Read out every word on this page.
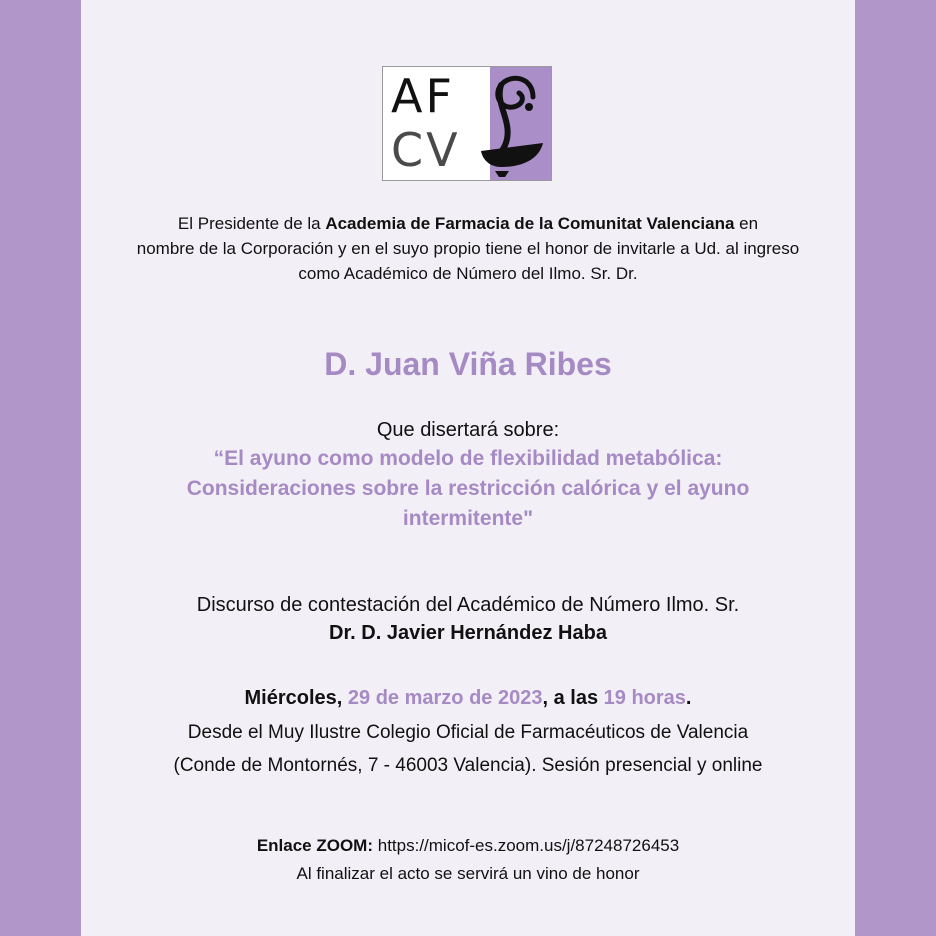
AF
CV
El Presidente de la Academia de Farmacia de la Comunitat Valenciana en
nombre de la Corporación y en el suyo propio tiene el honor de invitarle a Ud. al ingreso
como Académico de Número del Ilmo. Sr. Dr.
D. Juan Viña Ribes
Que disertará sobre:
“El ayuno como modelo de flexibilidad metabólica:
Consideraciones sobre la restricción calórica y el ayuno
intermitente"
Discurso de contestación del Académico de Número Ilmo. Sr.
Dr. D. Javier Hernández Haba
Miércoles, 29 de marzo de 2023, a las 19 horas.
Desde el Muy Ilustre Colegio Oficial de Farmacéuticos de Valencia
(Conde de Montornés, 7 - 46003 Valencia). Sesión presencial y online
Enlace ZOOM: https://micof-es.zoom.us/j/87248726453
Al finalizar el acto se servirá un vino de honor
